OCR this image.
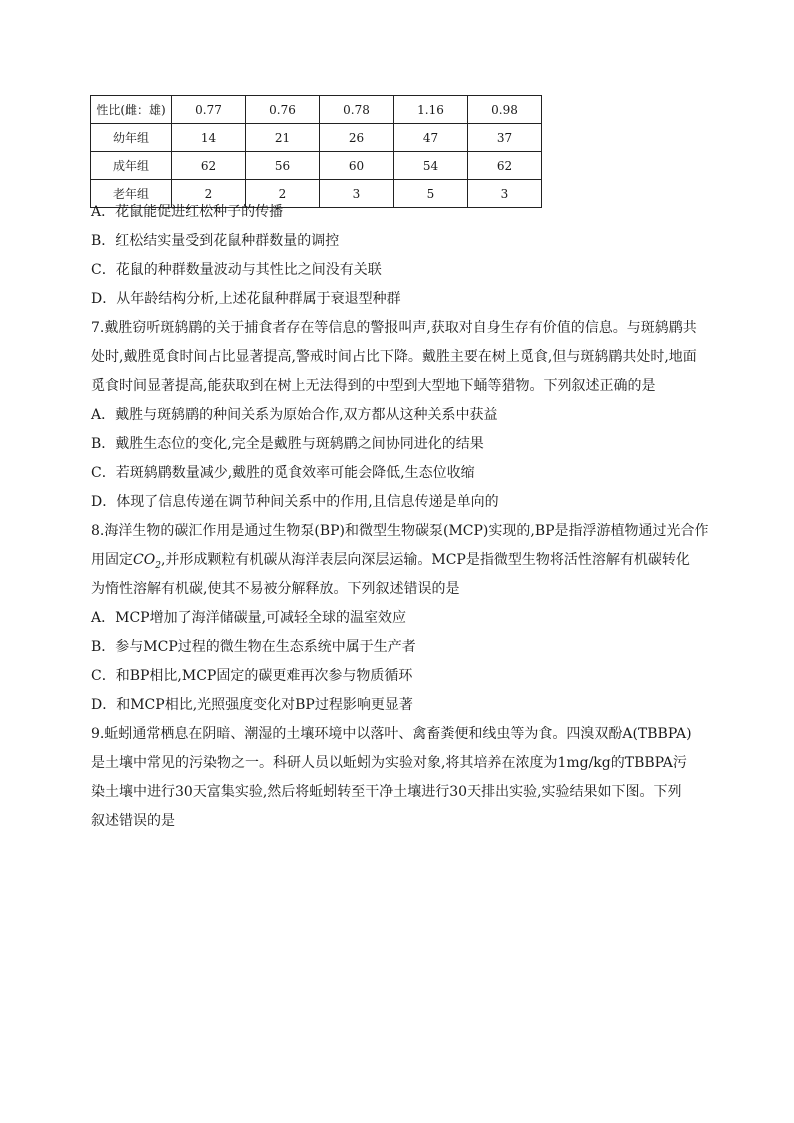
性比(雌：雄)	0.77	0.76	0.78	1.16	0.98
幼年组	14	21	26	47	37
成年组	62	56	60	54	62
老年组	2	2	3	5	3
A．花鼠能促进红松种子的传播
B．红松结实量受到花鼠种群数量的调控
C．花鼠的种群数量波动与其性比之间没有关联
D．从年龄结构分析,上述花鼠种群属于衰退型种群
7.戴胜窃听斑鸫鹛的关于捕食者存在等信息的警报叫声,获取对自身生存有价值的信息。与斑鸫鹛共
处时,戴胜觅食时间占比显著提高,警戒时间占比下降。戴胜主要在树上觅食,但与斑鸫鹛共处时,地面
觅食时间显著提高,能获取到在树上无法得到的中型到大型地下蛹等猎物。下列叙述正确的是
A．戴胜与斑鸫鹛的种间关系为原始合作,双方都从这种关系中获益
B．戴胜生态位的变化,完全是戴胜与斑鸫鹛之间协同进化的结果
C．若斑鸫鹛数量减少,戴胜的觅食效率可能会降低,生态位收缩
D．体现了信息传递在调节种间关系中的作用,且信息传递是单向的
8.海洋生物的碳汇作用是通过生物泵(BP)和微型生物碳泵(MCP)实现的,BP是指浮游植物通过光合作
用固定$CO_2$,并形成颗粒有机碳从海洋表层向深层运输。MCP是指微型生物将活性溶解有机碳转化
为惰性溶解有机碳,使其不易被分解释放。下列叙述错误的是
A．MCP增加了海洋储碳量,可减轻全球的温室效应
B．参与MCP过程的微生物在生态系统中属于生产者
C．和BP相比,MCP固定的碳更难再次参与物质循环
D．和MCP相比,光照强度变化对BP过程影响更显著
9.蚯蚓通常栖息在阴暗、潮湿的土壤环境中以落叶、禽畜粪便和线虫等为食。四溴双酚A(TBBPA)
是土壤中常见的污染物之一。科研人员以蚯蚓为实验对象,将其培养在浓度为1mg/kg的TBBPA污
染土壤中进行30天富集实验,然后将蚯蚓转至干净土壤进行30天排出实验,实验结果如下图。下列
叙述错误的是
